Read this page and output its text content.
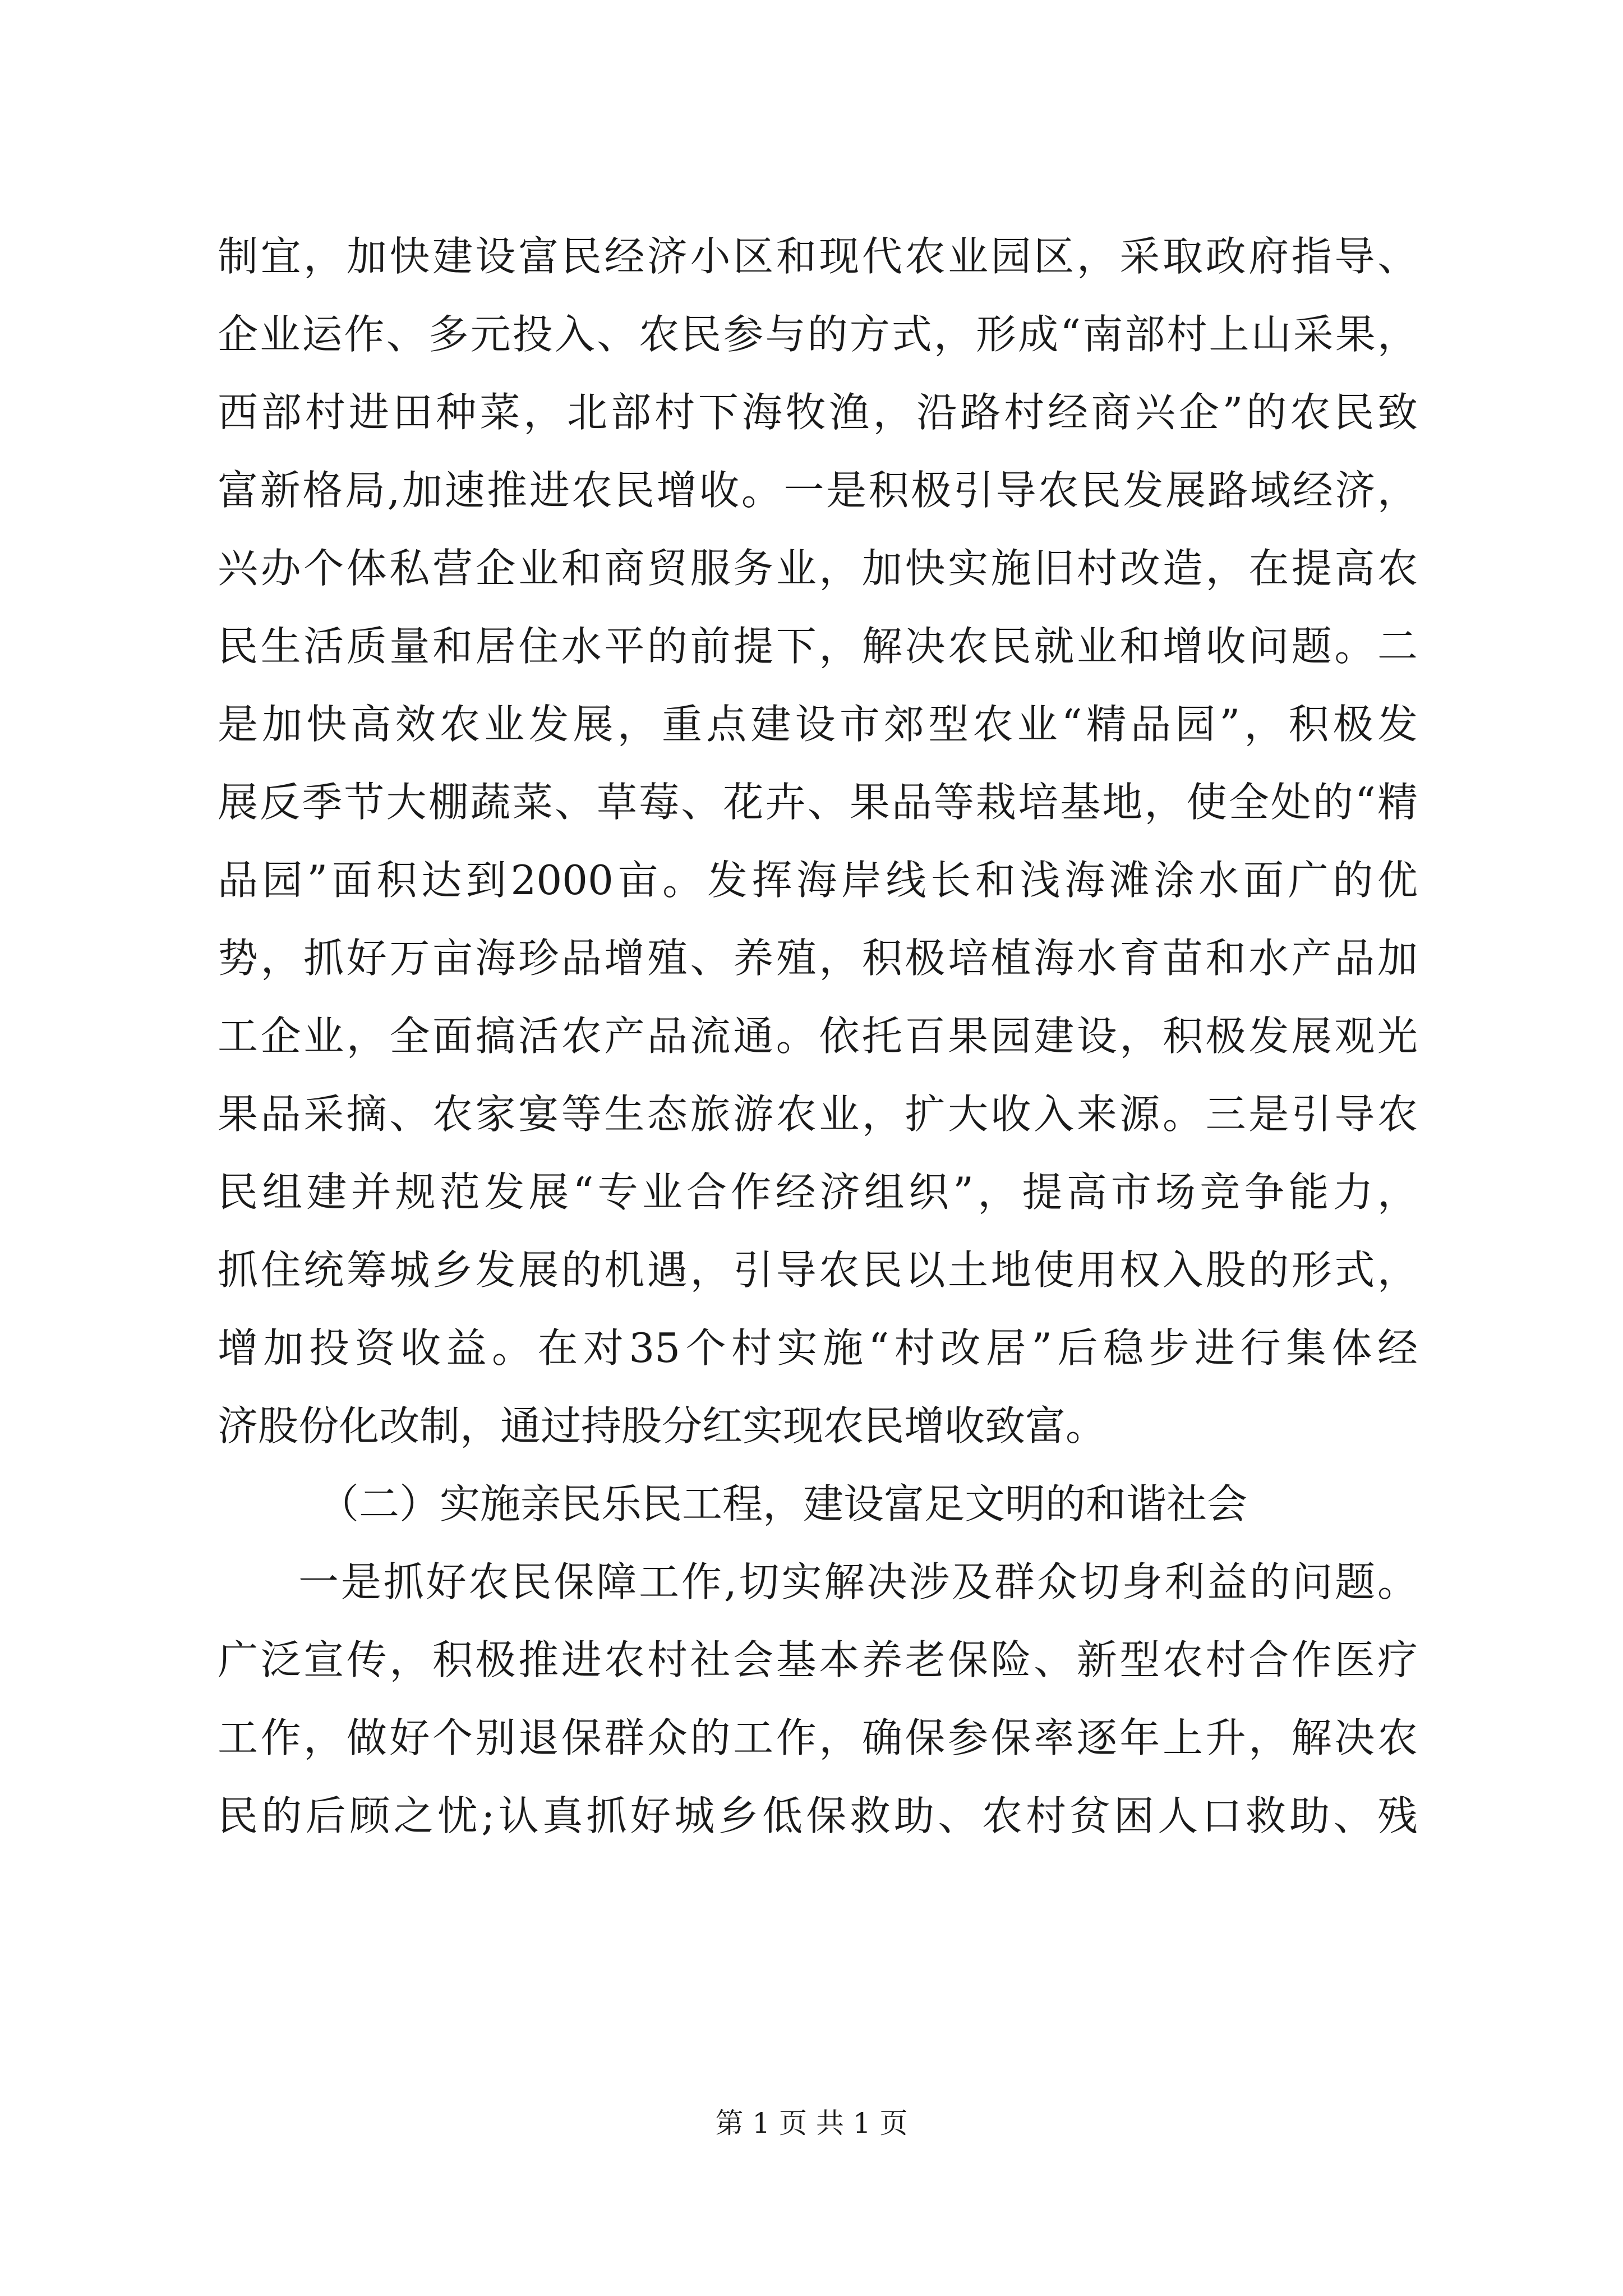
制宜，加快建设富民经济小区和现代农业园区，采取政府指导、
企业运作、多元投入、农民参与的方式，形成“南部村上山采果，
西部村进田种菜，北部村下海牧渔，沿路村经商兴企”的农民致
富新格局,加速推进农民增收。一是积极引导农民发展路域经济，
兴办个体私营企业和商贸服务业，加快实施旧村改造，在提高农
民生活质量和居住水平的前提下，解决农民就业和增收问题。二
是加快高效农业发展，重点建设市郊型农业“精品园”，积极发
展反季节大棚蔬菜、草莓、花卉、果品等栽培基地，使全处的“精
品园”面积达到2000亩。发挥海岸线长和浅海滩涂水面广的优
势，抓好万亩海珍品增殖、养殖，积极培植海水育苗和水产品加
工企业，全面搞活农产品流通。依托百果园建设，积极发展观光
果品采摘、农家宴等生态旅游农业，扩大收入来源。三是引导农
民组建并规范发展“专业合作经济组织”，提高市场竞争能力，
抓住统筹城乡发展的机遇，引导农民以土地使用权入股的形式，
增加投资收益。在对35个村实施“村改居”后稳步进行集体经
济股份化改制，通过持股分红实现农民增收致富。
（二）实施亲民乐民工程，建设富足文明的和谐社会
一是抓好农民保障工作,切实解决涉及群众切身利益的问题。
广泛宣传，积极推进农村社会基本养老保险、新型农村合作医疗
工作，做好个别退保群众的工作，确保参保率逐年上升，解决农
民的后顾之忧;认真抓好城乡低保救助、农村贫困人口救助、残
第 1 页 共 1 页
